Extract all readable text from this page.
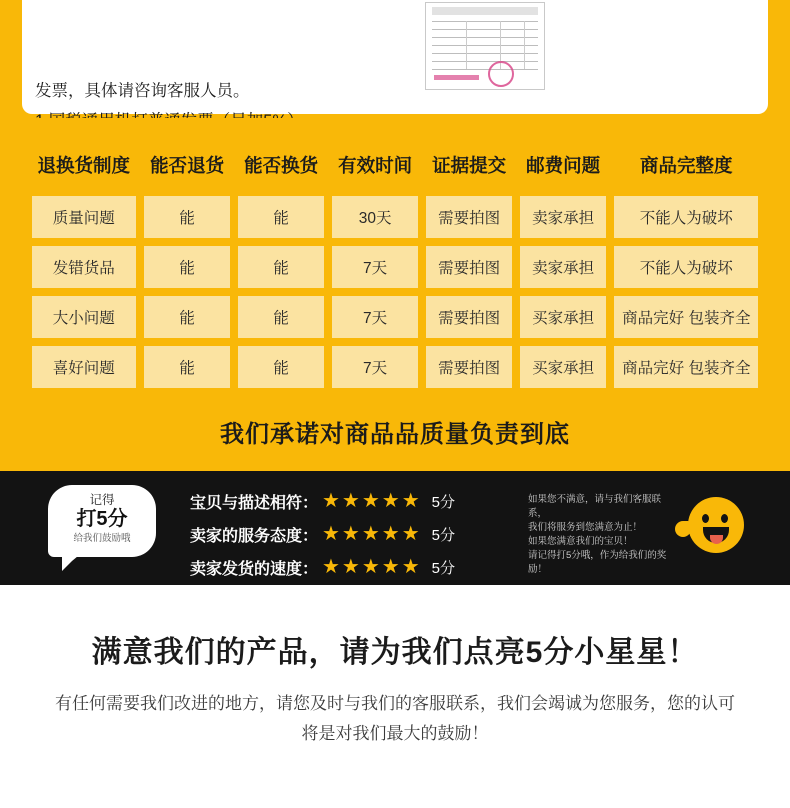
发票，具体请咨询客服人员。
退换货制度	能否退货	能否换货	有效时间	证据提交	邮费问题	商品完整度
质量问题	能	能	30天	需要拍图	卖家承担	不能人为破坏
发错货品	能	能	7天	需要拍图	卖家承担	不能人为破坏
大小问题	能	能	7天	需要拍图	买家承担	商品完好 包装齐全
喜好问题	能	能	7天	需要拍图	买家承担	商品完好 包装齐全
我们承诺对商品品质量负责到底
记得
打5分
给我们鼓励哦
宝贝与描述相符： ★★★★★ 5分
卖家的服务态度： ★★★★★ 5分
卖家发货的速度： ★★★★★ 5分
如果您不满意，请与我们客服联系，
我们将服务到您满意为止！
如果您满意我们的宝贝！
请记得打5分哦，作为给我们的奖励！
满意我们的产品，请为我们点亮5分小星星！
有任何需要我们改进的地方，请您及时与我们的客服联系，我们会竭诚为您服务，您的认可
将是对我们最大的鼓励！
